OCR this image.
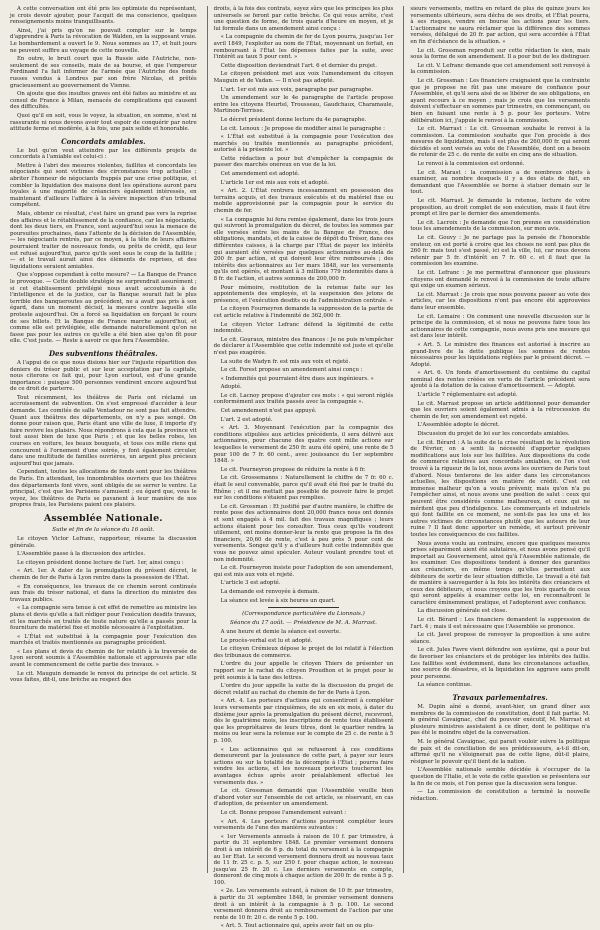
A cette conversation ont été pris les optimiste du représentant, je crois devoir ajouter, pour l'acquit de ma conscience, quelques renseignements moins tranquillisants.

Ainsi, j'ai pris qu'on ne pouvait compter sur le temps d'apprendre à Paris la révocation de Walden, en la supposant vraie. Le bombardement a ouvert le 9. Nous sommes au 17, et huit jours ne peuvent suffire au voyage de cette nouvelle.

En outre, le bruit court que la Russie aide l'Autriche, non-seulement de ses conseils, mais de sa bourse, et que l'empereur Ferdinand l'a fait informer de l'armée que l'Autriche des fonds russes vendus à Londres par son frère Nicolas, et prêtés gracieusement au gouvernement de Vienne.

On ajoute que des insultes graves ont été faites au ministre et au consul de France à Milan, menacés de complications qui causent des difficultés.

Quoi qu'il en soit, vous le voyez, la situation, en somme, n'est ni rassurante ni nous devons avoir tout espoir de conquérir par notre attitude ferme et modérée, à la fois, une paix solide et honorable.

Concordats amiables.

Le but qu'on veut atteindre par les différents projets de concordats à l'amiable est celui-ci :

Mettre à l'abri des mesures violentes, faillites et concordats les négociants qui sont victimes des circonstances trop actuelles ; abriter l'honneur de négociants frappés par une crise politique, et combler la liquidation des maisons dont les opérations auront paru loyales à une majorité de créanciers également intéressés, en maintenant d'ailleurs l'affaire à la sévère inspection d'un tribunal compétent.

Mais, obtenir ce résultat, c'est faire un grand pas vers la reprise des affaires et le rétablissement de la confiance, car les négociants, dont les deux tiers, en France, sont aujourd'hui sous la menace de poursuites prochaines, dans l'attente de la décision de l'Assemblée, — les négociants rentrés, par ce moyen, à la tête de leurs affaires pourraient traiter de nouveaux fonds, ou prêts de crédit, qui leur est refusé aujourd'hui, parce qu'ils sont sous le coup de la faillite ; — et le travail aurait ainsi des éléments de reprises, et des liquidations seraient amiables.

Que s'oppose cependant à cette mesure? — La Banque de France le provoque. — Cette double stratégie ne surprendrait assurément ; si cet établissement privilégié nous avait accoutumés à de l'intelligence et de la justice, car la Banque sourait fait le plus terrible des banqueroutes au précédent, ne a avait pas pris à son égard, dans un moment décisif, la mesure contre laquelle elle proteste aujourd'hui. On a forcé sa liquidation en forçant le cours de ses billets. Et la Banque de France marche aujourd'hui, et comme elle est privilégiée, elle demande naturellement qu'on ne fasse pas pour les autres ce qu'elle a été bien aise qu'on fît pour elle. C'est juste. — Reste à savoir ce que fera l'Assemblée.

Des subventions théâtrales.

A l'appui de ce que nous disions hier sur l'injuste répartition des deniers du trésor public et sur leur acceptation par la capitale, nous citerons ce fait qui, pour Lyon surtout, est d'une grande importance : puisque 500 personnes vendirent encore aujourd'hui de ce droit de parterre.

Tout récemment, les théâtres de Paris ont réclamé un accroissement de subvention. On s'est empressé d'accéder à leur demande. Les comités de salle Ventadour ne sont pas fait attendre. Quant aux théâtres des départements, on n'y a pas songé. On donne pour raison que, Paris étant une ville de luxe, il importe d'y faire revivre les plaisirs. Nous répondrons à cela que la province vit tout aussi bien de luxe que Paris ; et que les belles robes, les courses en voiture, les beaux bouquets, et tous ces mille riens qui concourent à l'ornement d'une soirée, y font également circuler, dans une multitude de familles ouvrières, un argent plus précieux aujourd'hui que jamais.

Cependant, toutes les allocations de fonds sont pour les théâtres de Paris. En attendant, les innombrables ouvriers que les théâtres des départements font vivre, sont obligés de se serrer le ventre. Le principal, c'est que les Parisiens s'amusent ; eu égard que, vous le voyez, les théâtres de Paris se pavanent à leur manière de nos propres frais, les Parisiens paient ces plaisirs.

Assemblée Nationale.
Suite et fin de la séance du 16 août.

Le citoyen Victor Lefranc, rapporteur, résume la discussion générale.

L'Assemblée passe à la discussion des articles.

Le citoyen président donne lecture de l'art. 1er, ainsi conçu :

« Art. 1er. A dater de la promulgation du présent décret, le chemin de fer de Paris à Lyon rentre dans la possession de l'État.

« En conséquence, les travaux de ce chemin seront continués aux frais du trésor national, et dans la direction du ministre des travaux publics.

« La compagnie sera tenue à cet effet de remettre au ministre les plans et devis qu'elle a fait rédiger pour l'exécution desdits travaux, et les marchés en traités de toute nature qu'elle a passés pour la fourniture de matériel fixe et mobile nécessaire à l'exploitation.

« L'État est substitué à la compagnie pour l'exécution des marchés et traités mentionnés au paragraphe précédent.

« Les plans et devis du chemin de fer relatifs à la traversée de Lyon seront soumis à l'Assemblée nationale et approuvés par elle avant le commencement de cette partie des travaux. »

Le cit. Mauguin demande le renvoi du principe de cet article. Si vous faites, dit-il, une brèche au respect des

droits, à la fois des contrats, soyez sûrs que les principes les plus universels se feront par cette brèche. Ce qui vous arrête, c'est une question de forme, de trois quarts d'heure en moyen, et je lui formule dans un amendement ainsi conçu :

« La compagnie du chemin de fer de Lyon pourra, jusqu'au 1er avril 1849, l'exploiter au nom de l'État, moyennant un forfait, en remboursant à l'État les dépenses faites par la suite, avec l'intérêt au taux 5 pour cent. »

Cette disposition deviendrait l'art. 6 et dernier du projet.

Le citoyen président met aux voix l'amendement du citoyen Mauguin et de Vadan. — Il n'est pas adopté.

L'art. 1er est mis aux voix, paragraphe par paragraphe.

Un amendement sur le 4e paragraphe de l'article propose entre les citoyens Heurtel, Trousseau, Gaudchaux, Charamaule, Martinon-Terrisse.

Le décret président donne lecture du 4e paragraphe.

Le cit. Lenoux : Je propose de modifier ainsi le paragraphe :

« L'État est substitué à la compagnie pour l'exécution des marchés ou traités mentionnés au paragraphe précédent, autorisé à la présente loi. »

Cette rédaction a pour but d'empêcher la compagnie de passer des marchés onéreux en vue de la loi.

Cet amendement est adopté.

L'article 1er est mis aux voix et adopté.

« Art. 2. L'État rentrera incessamment en possession des terrains acquis, et des travaux exécutés et du matériel fixe ou mobile approvisionné par la compagnie pour le service du chemin de fer.

« La compagnie lui fera remise également, dans les trois jours qui suivront la promulgation du décret, de toutes les sommes par elle versées entre les mains de la Banque de France, des obligations, mandats, et de la caisse de dépôt du Trésor, dans ces différentes caisses, à la charge par l'État de payer les intérêts qui auraient été versées par quelques actionnaires au-delà de 200 fr. par action, et qui doivent leur être remboursés ; des intérêts des actionnaires au 1er mars 1848, sur les versements qu'ils ont opérés, et montant à 3 millions 779 indemnités dans à 8 fr. de l'action, et autres sommes de 200,000 fr.

Pour mémoire, restitution de la retenue faite sur les appointements des employés, et la suspension des jetons de présence, et l'exécution desdits ou de l'administration centrale. »

Le citoyen Fourneyron demande la suppression de la partie de cet article relative à l'indemnité de 362,000 fr.

Le citoyen Victor Lefranc défend la légitimité de cette indemnité.

Le cit. Gouraux, ministre des finances : Je ne puis m'empêcher de déclarer à l'Assemblée que cette indemnité est juste et qu'elle n'est pas exagérée.

La suite de Wadyn fr. est mis aux voix et rejeté.

Le cit. Forest propose un amendement ainsi conçu :

« Indemnités qui pourraient être dues aux ingénieurs. »

Adopté.

Le cit. Lacnoy propose d'ajouter ces mots : « qui seront réglés conformément aux traités passés avec la compagnie ».

Cet amendement n'est pas appuyé.

L'art. 2 est adopté.

« Art. 3. Moyennant l'exécution par la compagnie des conditions stipulées aux articles précédents, il sera délivré aux actionnaires, pour chacune des quatre cent mille actions sur lesquelles le versement de 250 fr. aura été opéré, une rente de 5 pour 100 de 7 fr. 60 cent., avec jouissance du 1er septembre 1848. »

Le cit. Fourneyron propose de réduire la rente à 6 fr.

Le cit. Grossemanns : Naturellement le chiffre de 7 fr. 60 c. était le seul convenable, parce qu'il avait été fixé par le traité du Rhône ; et il me mettait pas possible de pouvoir faire le projet sur les conditions s'étaient pas remplies.

Le cit. Grossman : Et justifié par d'autre manière, le chiffre de rente pose des actionnaires dont 20,000 francs nous ont donnés et sont engagés à 4 mil. fait des travaux magnifiques ; leurs actions étaient pour les consulter. Tous ceux qu'ils voudront utilement, ont moins donner-leur la rente que propose la fin des financiers, 20,60 de rente, c'est à peu près 5 pour cent de versements. Songez qu'il y a d'ailleurs huit cette indemnités que vous ne pouvez ainsi spéculer. Auteur voulant prendre tout et non indemnité.

Le cit. Fourneyron insiste pour l'adoption de son amendement, qui est mis aux voix et rejeté.

L'article 3 est adopté.

La demande est renvoyée à demain.

La séance est levée à six heures un quart.

(Correspondance particulière du Lionnais.)
Séance du 17 août. — Présidence de M. A. Marrast.

A une heure et demie la séance est ouverte.

Le procès-verbal est lu et adopté.

Le citoyen Crémieux dépose le projet de loi relatif à l'élection des tribunaux de commerce.

L'ordre du jour appelle le citoyen Thiers de présenter un rapport sur le rachat du citoyen Proudhon et le projet pour le prêt soumis à la taxe des lettres.

L'ordre du jour appelle la suite de la discussion du projet de décret relatif au rachat du chemin de fer de Paris à Lyon.

« Art. 4. Les porteurs d'actions qui consentiront à compléter leurs versements par cinquièmes, de six en six mois, à dater du dixième jour après la promulgation du présent décret, recevront, dès le quatrième mois, les inscriptions de rente tous établissent que les propriétaires de leurs titres, dont le quartier rendra la moins ou leur sera la retenue sur le compte de 25 c. de rente à 5 p. 100.

« Les actionnaires qui se refuseront à ces conditions demeureront par la jouissance de cette part, à payer sur leurs actions ou sur la totalité de la décompte à l'État ; pourra faire vendre les actions, et les nouveaux porteurs toucheront les avantages échus après avoir préalablement effectué les versements dus. »

Le cit. Grossman demandé que l'Assemblée veuille bien d'abord voter sur l'ensemble de cet article, se réservant, en cas d'adoption, de présenter un amendement.

Le cit. Bonne propose l'amendement suivant :

« Art. 4. Les porteurs d'actions pourront compléter leurs versements de l'une des manières suivantes :

« 1er Versements annuels à raison de 10 f. par trimestre, à partir du 31 septembre 1848. Le premier versement donnera droit à un intérêt de 6 p. du total du versement à la compagnie au 1er Etat. Le second versement donnera droit au nouveau taux de 11 fr. 25 c. p. 5, sur 250 f. pour chaque action, le nouveau jusqu'au 25 fr. 20 c. Les derniers versements en compte, donneront de cinq mois à chaque action de 200 fr. de rente à 5 p. 100.

« 2e. Les versements suivant, à raison de 10 fr. par trimestre, à partir du 31 septembre 1848, le premier versement donnera droit à un intérêt à la compagnie à 5 p. 100. Le second versement donnera droit au remboursement de l'action par une rente de 10 fr. 20 c. de rente 5 p. 100.

« Art. 5. Tout actionnaire qui, après avoir fait un ou plu-

sieurs versements, mettra en retard de plus de quinze jours les versements ultérieurs, sera déchu de ses droits, et l'État pourra, à ses risques, vendre en bourse les actions pour les tiers. L'actionnaire ne saura réclamer que la différence des sommes versées, défalqué de 20 fr. par action, qui sera accordée à l'État en fin d'échéance de la situation. »

Le cit. Grossman reproduit sur cette rédaction le sien, mais sous la forme de son amendement. Il a pour but de les distinguer.

Le cit. V. Lefranc demande que cet amendement soit renvoyé à la commission.

Le cit. Grossman : Les financiers craignaient que la contrainte que je propose ne fût pas une mesure de confiance pour l'Assemblée, et qu'il sera aisé de se libérer de ses obligations, en ayant recours à ce moyen ; mais je crois que les versements doivent s'effectuer en sommes par trimestre, en commençant, ou bien en faisant une rente à 5 p. pour les porteurs. Votre délibération ici, j'appuie le renvoi à la commission.

Le cit. Marrast : Le cit. Grossman souhaite le renvoi à la commission. La commission souhaite que l'on procède à des mesures de liquidation, mais il est plus de 260,000 fr. qui seront décidés et sont versés au vote de l'Assemblée, dont on a besoin de retenir de 25 c. de rente de suite en cinq ans de situation.

Le renvoi à la commission est ordonné.

Le cit. Marast : la commission a de nombreux objets à examiner, au nombre desquels il y a des états de fait, en demandant que l'Assemblée se borne à statuer demain sur le tout.

Le cit. Marrast. Je demande la retenue, lecture de votre proposition, au droit complet de son exécution, mais il faut être prompt et lire par le dernier des amendements.

Le cit. Lacroix : Je demande que l'on prenne en considération tous les amendements de la commission, sur mon avis.

Le cit. Gouvy : Je ne partage pas la pensée de l'honorable orateur, on est porté à croire que les choses ne sont pas plus de 260 fr. mais tout s'est passé, ici est la ville, lui, car nous devons retenir par 5 fr. d'intérêt en 7 fr. 60 c. et il faut que la commission les examine.

Le cit. Lefranc : Je me permettrai d'annoncer que plusieurs citoyens ont demandé le renvoi à la commission de toute affaire qui exige un examen sérieux.

Le cit. Marrast : Je crois que nous pouvons passer au vote des articles, car les dispositions n'ont pas encore été approuvées dans leur ensemble.

Le cit. Lemaire : On comment une nouvelle discussion sur le principe de la commission, et si nous ne pouvons faire tous les actionnaires de cette compagnie, nous avons pris une mesure qui est dans leur intérêt.

« Art. 5. Le ministre des finances est autorisé à inscrire au grand-livre de la dette publique les sommes de rentes nécessaires pour les liquidations réglées par le présent décret. — Adopté.

« Art. 6. Un fonds d'amortissement du centième du capital nominal des rentes créées en vertu de l'article précédent sera ajouté à la dotation de la caisse d'amortissement. — Adopté.

L'article 7 réglementaire est adopté.

Le cit. Marrast propose un article additionnel pour demander que les ouvriers soient également admis à la rétrocession du chemin de fer, son amendement est rejeté.

L'Assemblée adopte le décret.

Discussion du projet de loi sur les concordats amiables.

Le cit. Bérard : A la suite de la crise résultant de la révolution de Février, on a senti la nécessité d'apporter quelques modifications aux lois sur les faillites. Aux dispositions du code de commerce relatives aux concordats amiables, on l'on s'est trouvé à la rigueur de la loi, nous avons les ouvriers de Paris tout d'abord. Nous tenterons de les aider dans les circonstances actuelles, les dispositions en matière de crédit. C'est cet immense malheur qu'on a voulu prévenir, mais qu'on n'a pu l'empêcher ainsi, et nous avons une position de salut : ceux qui peuvent être considérés comme malheureux, et ceux qui ne méritent que peu d'indulgence. Les commerçants et industriels qui font faillite en ce moment, ne sont-ils pas les uns et les autres victimes de circonstances plutôt que les auteurs de leur ruine ? Il faut donc apporter un remède, et surtout prévenir toutes les conséquences de ces faillites.

Nous avons voulu au contraire, encore que quelques mesures prises séparément aient été salutaires, et nous avons pensé qu'il importait au Gouvernement, ainsi qu'à l'Assemblée nationale, de les examiner. Ces dispositions tendent à donner des garanties aux créanciers, en même temps qu'elles permettent aux débiteurs de sortir de leur situation difficile. Le travail a été fait de manière à sauvegarder à la fois les intérêts des créanciers et ceux des débiteurs, et nous croyons que les trois quarts de ceux qui seront appelés à examiner cette loi, en reconnaîtront le caractère éminemment pratique, et l'adopteront avec confiance.

La discussion générale est close.

Le cit. Bérard : Les financiers demandent la suppression de l'art. 4 ; mais il est nécessaire que l'Assemblée se prononce.

Le cit. Javel propose de renvoyer la proposition à une autre séance.

Le cit. Jules Favre vient défendre son système, qui a pour but de favoriser les créanciers et de protéger les intérêts des faillis. Les faillites sont évidemment, dans les circonstances actuelles, une source de désastres, et la liquidation les aggrave sans profit pour personne.

La séance continue.

Travaux parlementaires.

M. Dupin aîné a donné, avant-hier, un grand dîner aux membres de la commission de constitution, dont il fait partie. M. le général Cavaignac, chef du pouvoir exécutif, M. Marrast et plusieurs ministres assistaient à ce dîner, dont le politique n'a pas été le moindre objet de la conversation.

M. le général Cavaignac, qui parait vouloir suivre la politique de paix et de conciliation de ses prédécesseurs, a-t-il dit-on, affirmé qu'il ne s'éloignerait pas de cette ligne, dût-il plaire, résigner le pouvoir qu'il tient de la nation.

L'Assemblée nationale semble décidée à s'occuper de la question de l'Italie, et le vote de cette question se présentera sur la fin de ce mois, et l'on pense que la discussion sera longue.

— La commission de constitution a terminé la nouvelle rédaction.
